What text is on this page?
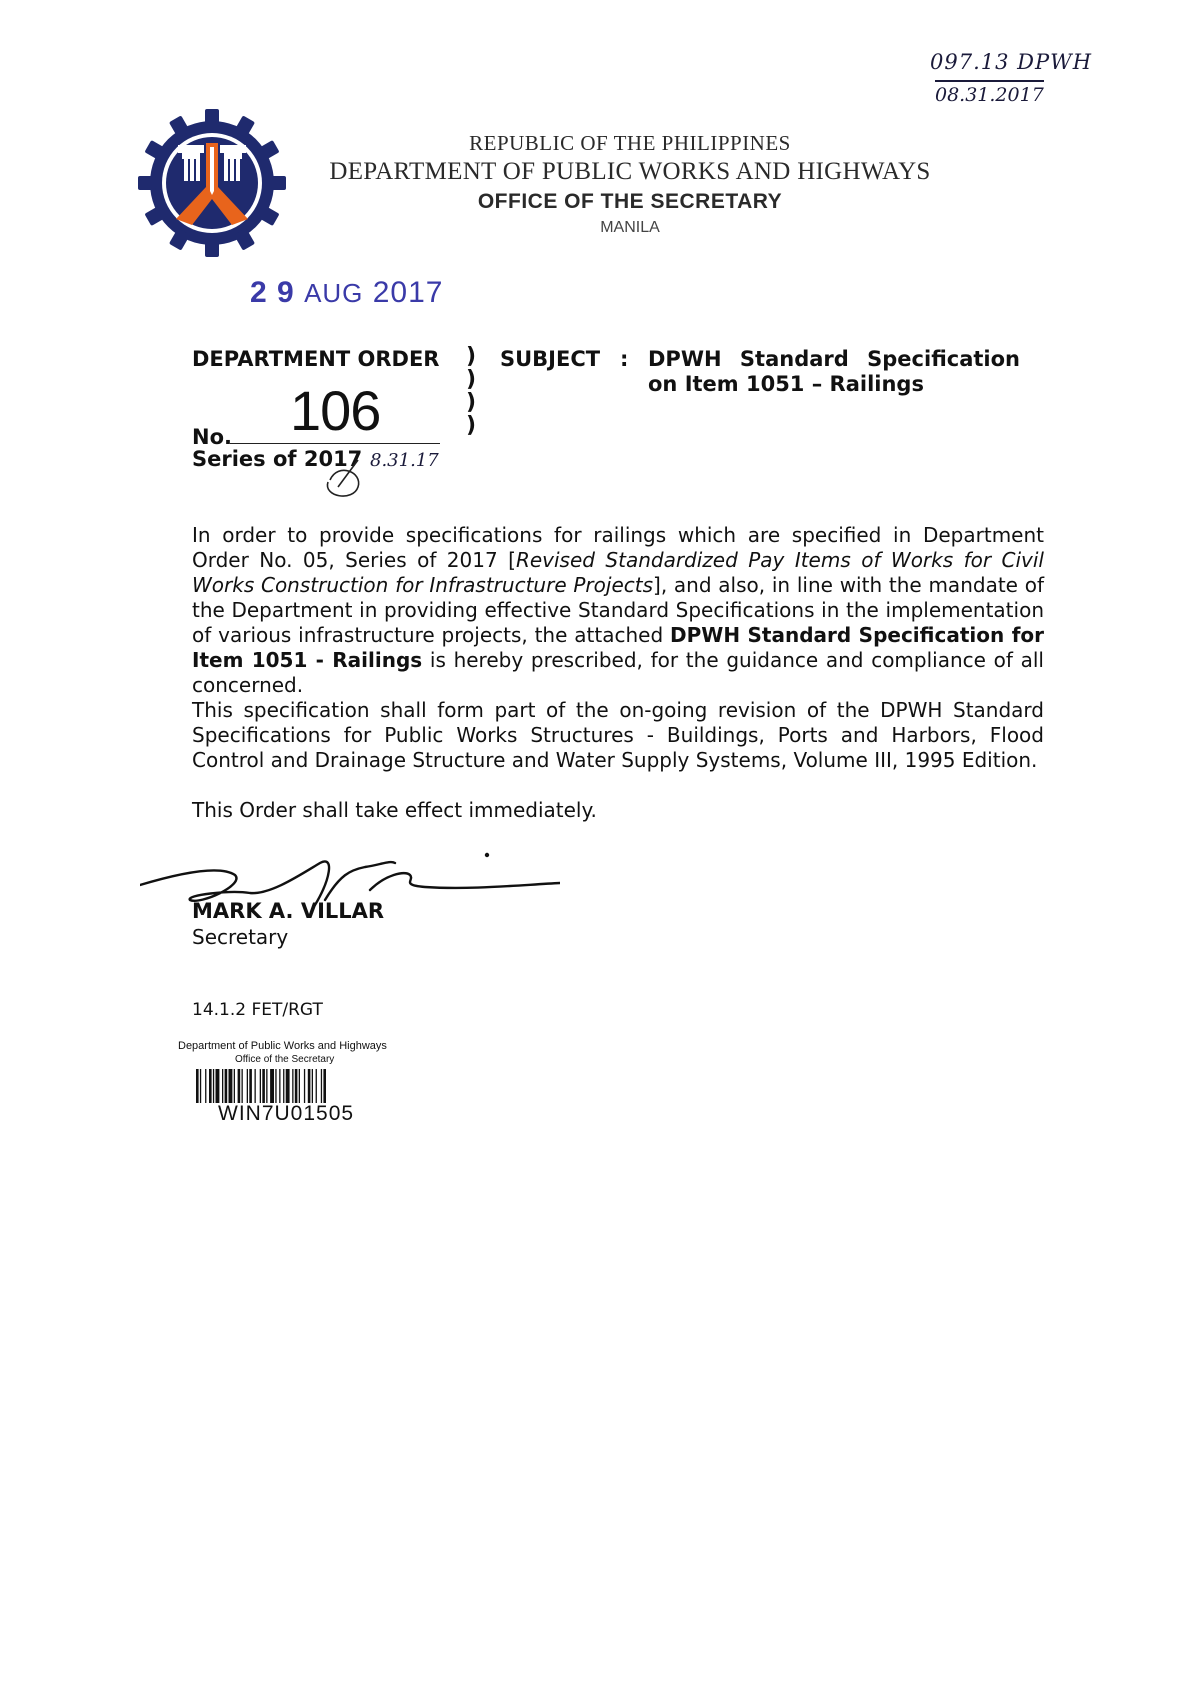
097.13 DPWH
08.31.2017
REPUBLIC OF THE PHILIPPINES
DEPARTMENT OF PUBLIC WORKS AND HIGHWAYS
OFFICE OF THE SECRETARY
MANILA
2 9 AUG 2017
DEPARTMENT ORDER
106
No.
Series of 2017 8.31.17
)
)
)
)
SUBJECT : DPWH Standard Specification on Item 1051 – Railings
In order to provide specifications for railings which are specified in Department Order No. 05, Series of 2017 [Revised Standardized Pay Items of Works for Civil Works Construction for Infrastructure Projects], and also, in line with the mandate of the Department in providing effective Standard Specifications in the implementation of various infrastructure projects, the attached DPWH Standard Specification for Item 1051 - Railings is hereby prescribed, for the guidance and compliance of all concerned.
This specification shall form part of the on-going revision of the DPWH Standard Specifications for Public Works Structures - Buildings, Ports and Harbors, Flood Control and Drainage Structure and Water Supply Systems, Volume III, 1995 Edition.
This Order shall take effect immediately.
MARK A. VILLAR
Secretary
14.1.2 FET/RGT
Department of Public Works and Highways
Office of the Secretary
WIN7U01505
